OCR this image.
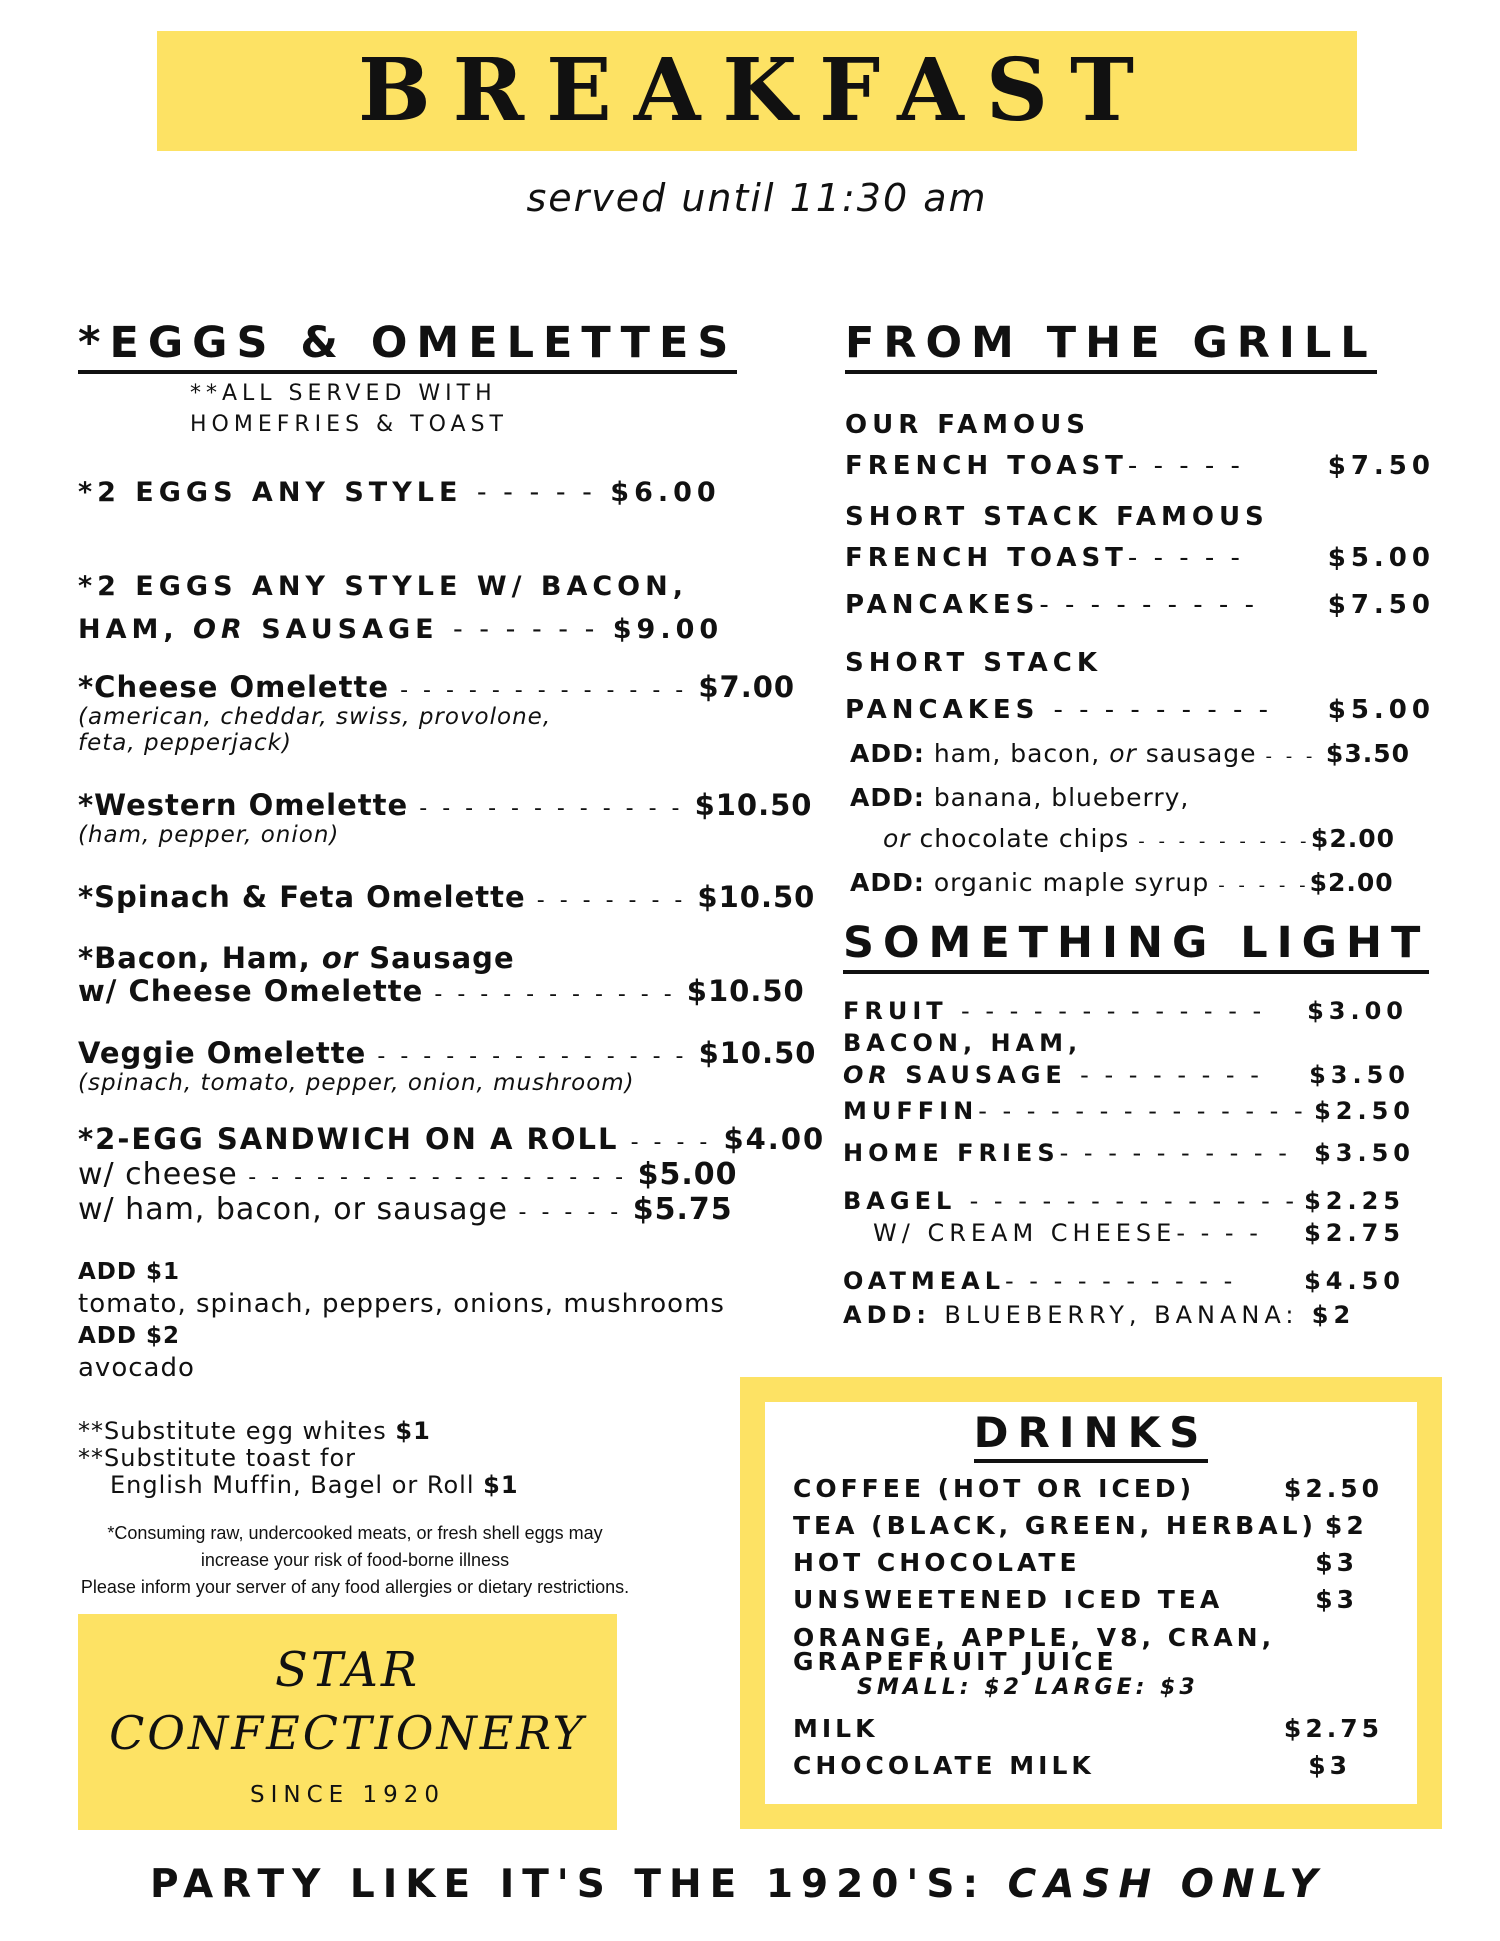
BREAKFAST
served until 11:30 am
*EGGS & OMELETTES
**ALL SERVED WITH
HOMEFRIES & TOAST
*2 EGGS ANY STYLE - - - - - $6.00
*2 EGGS ANY STYLE W/ BACON,
HAM, OR SAUSAGE - - - - - - $9.00
*Cheese Omelette - - - - - - - - - - - - - $7.00
(american, cheddar, swiss, provolone,
feta, pepperjack)
*Western Omelette - - - - - - - - - - - - $10.50
(ham, pepper, onion)
*Spinach & Feta Omelette - - - - - - - $10.50
*Bacon, Ham, or Sausage
w/ Cheese Omelette - - - - - - - - - - - $10.50
Veggie Omelette - - - - - - - - - - - - - - $10.50
(spinach, tomato, pepper, onion, mushroom)
*2-EGG SANDWICH ON A ROLL - - - - $4.00
w/ cheese - - - - - - - - - - - - - - - - - $5.00
w/ ham, bacon, or sausage - - - - - $5.75
ADD $1
tomato, spinach, peppers, onions, mushrooms
ADD $2
avocado
**Substitute egg whites $1
**Substitute toast for
English Muffin, Bagel or Roll $1
*Consuming raw, undercooked meats, or fresh shell eggs may
increase your risk of food-borne illness
Please inform your server of any food allergies or dietary restrictions.
STAR
CONFECTIONERY
SINCE 1920
FROM THE GRILL
OUR FAMOUS
FRENCH TOAST- - - - -	$7.50
SHORT STACK FAMOUS
FRENCH TOAST- - - - -	$5.00
PANCAKES- - - - - - - - -	$7.50
SHORT STACK
PANCAKES - - - - - - - - - $5.00
ADD: ham, bacon, or sausage - - - $3.50
ADD: banana, blueberry,
or chocolate chips - - - - - - - - - $2.00
ADD: organic maple syrup - - - - - $2.00
SOMETHING LIGHT
FRUIT - - - - - - - - - - - - - $3.00
BACON, HAM,
OR SAUSAGE - - - - - - - - $3.50
MUFFIN- - - - - - - - - - - - - - $2.50
HOME FRIES- - - - - - - - - - $3.50
BAGEL - - - - - - - - - - - - - - $2.25
W/ CREAM CHEESE- - - - $2.75
OATMEAL- - - - - - - - - -	$4.50
ADD: BLUEBERRY, BANANA: $2
DRINKS
COFFEE (HOT OR ICED)	$2.50
TEA (BLACK, GREEN, HERBAL) $2
HOT CHOCOLATE	$3
UNSWEETENED ICED TEA	$3
ORANGE, APPLE, V8, CRAN,
GRAPEFRUIT JUICE
SMALL: $2 LARGE: $3
MILK	$2.75
CHOCOLATE MILK	$3
PARTY LIKE IT'S THE 1920'S: CASH ONLY
